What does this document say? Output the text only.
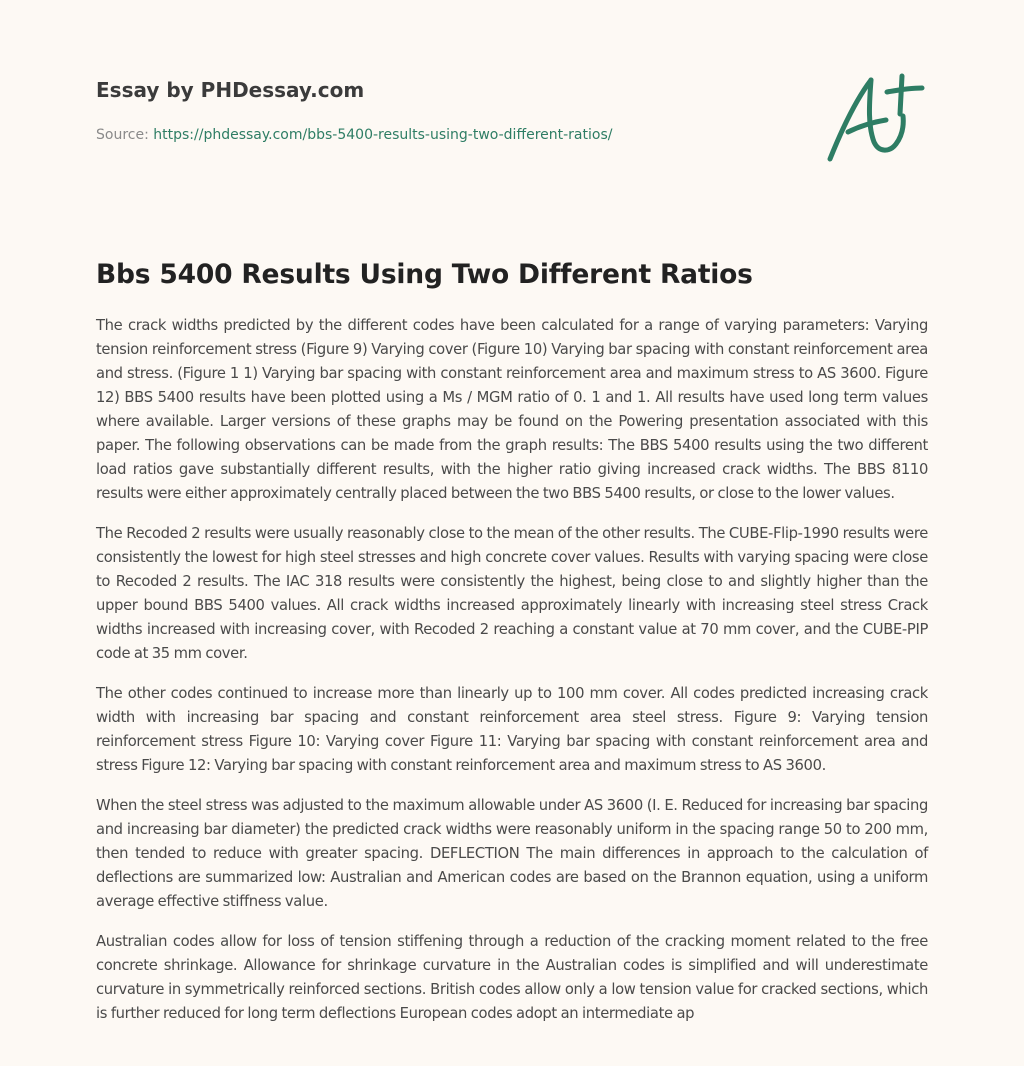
Essay by PHDessay.com
Source: https://phdessay.com/bbs-5400-results-using-two-different-ratios/
Bbs 5400 Results Using Two Different Ratios

The crack widths predicted by the different codes have been calculated for a range of varying parameters: Varying tension reinforcement stress (Figure 9) Varying cover (Figure 10) Varying bar spacing with constant reinforcement area and stress. (Figure 1 1) Varying bar spacing with constant reinforcement area and maximum stress to AS 3600. Figure 12) BBS 5400 results have been plotted using a Ms / MGM ratio of 0. 1 and 1. All results have used long term values where available. Larger versions of these graphs may be found on the Powering presentation associated with this paper. The following observations can be made from the graph results: The BBS 5400 results using the two different load ratios gave substantially different results, with the higher ratio giving increased crack widths. The BBS 8110 results were either approximately centrally placed between the two BBS 5400 results, or close to the lower values.

The Recoded 2 results were usually reasonably close to the mean of the other results. The CUBE-Flip-1990 results were consistently the lowest for high steel stresses and high concrete cover values. Results with varying spacing were close to Recoded 2 results. The IAC 318 results were consistently the highest, being close to and slightly higher than the upper bound BBS 5400 values. All crack widths increased approximately linearly with increasing steel stress Crack widths increased with increasing cover, with Recoded 2 reaching a constant value at 70 mm cover, and the CUBE-PIP code at 35 mm cover.

The other codes continued to increase more than linearly up to 100 mm cover. All codes predicted increasing crack width with increasing bar spacing and constant reinforcement area steel stress. Figure 9: Varying tension reinforcement stress Figure 10: Varying cover Figure 11: Varying bar spacing with constant reinforcement area and stress Figure 12: Varying bar spacing with constant reinforcement area and maximum stress to AS 3600.

When the steel stress was adjusted to the maximum allowable under AS 3600 (I. E. Reduced for increasing bar spacing and increasing bar diameter) the predicted crack widths were reasonably uniform in the spacing range 50 to 200 mm, then tended to reduce with greater spacing. DEFLECTION The main differences in approach to the calculation of deflections are summarized low: Australian and American codes are based on the Brannon equation, using a uniform average effective stiffness value.

Australian codes allow for loss of tension stiffening through a reduction of the cracking moment related to the free concrete shrinkage. Allowance for shrinkage curvature in the Australian codes is simplified and will underestimate curvature in symmetrically reinforced sections. British codes allow only a low tension value for cracked sections, which is further reduced for long term deflections European codes adopt an intermediate ap
